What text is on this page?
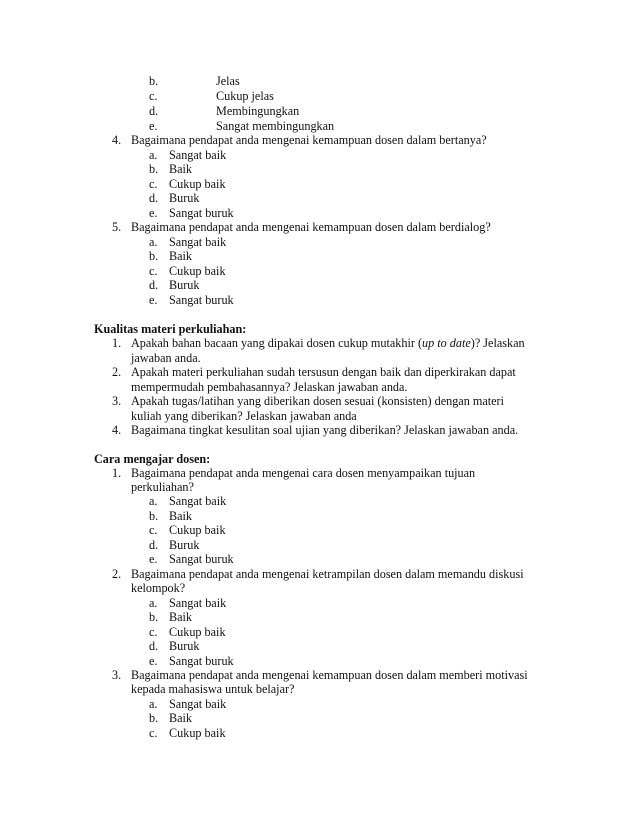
b.	Jelas
c.	Cukup jelas
d.	Membingungkan
e.	Sangat membingungkan
4. Bagaimana pendapat anda mengenai kemampuan dosen dalam bertanya?
a. Sangat baik
b. Baik
c. Cukup baik
d. Buruk
e. Sangat buruk
5. Bagaimana pendapat anda mengenai kemampuan dosen dalam berdialog?
a. Sangat baik
b. Baik
c. Cukup baik
d. Buruk
e. Sangat buruk
Kualitas materi perkuliahan:
1. Apakah bahan bacaan yang dipakai dosen cukup mutakhir (up to date)? Jelaskan
jawaban anda.
2. Apakah materi perkuliahan sudah tersusun dengan baik dan diperkirakan dapat
mempermudah pembahasannya? Jelaskan jawaban anda.
3. Apakah tugas/latihan yang diberikan dosen sesuai (konsisten) dengan materi
kuliah yang diberikan? Jelaskan jawaban anda
4. Bagaimana tingkat kesulitan soal ujian yang diberikan? Jelaskan jawaban anda.
Cara mengajar dosen:
1. Bagaimana pendapat anda mengenai cara dosen menyampaikan tujuan
perkuliahan?
a. Sangat baik
b. Baik
c. Cukup baik
d. Buruk
e. Sangat buruk
2. Bagaimana pendapat anda mengenai ketrampilan dosen dalam memandu diskusi
kelompok?
a. Sangat baik
b. Baik
c. Cukup baik
d. Buruk
e. Sangat buruk
3. Bagaimana pendapat anda mengenai kemampuan dosen dalam memberi motivasi
kepada mahasiswa untuk belajar?
a. Sangat baik
b. Baik
c. Cukup baik
